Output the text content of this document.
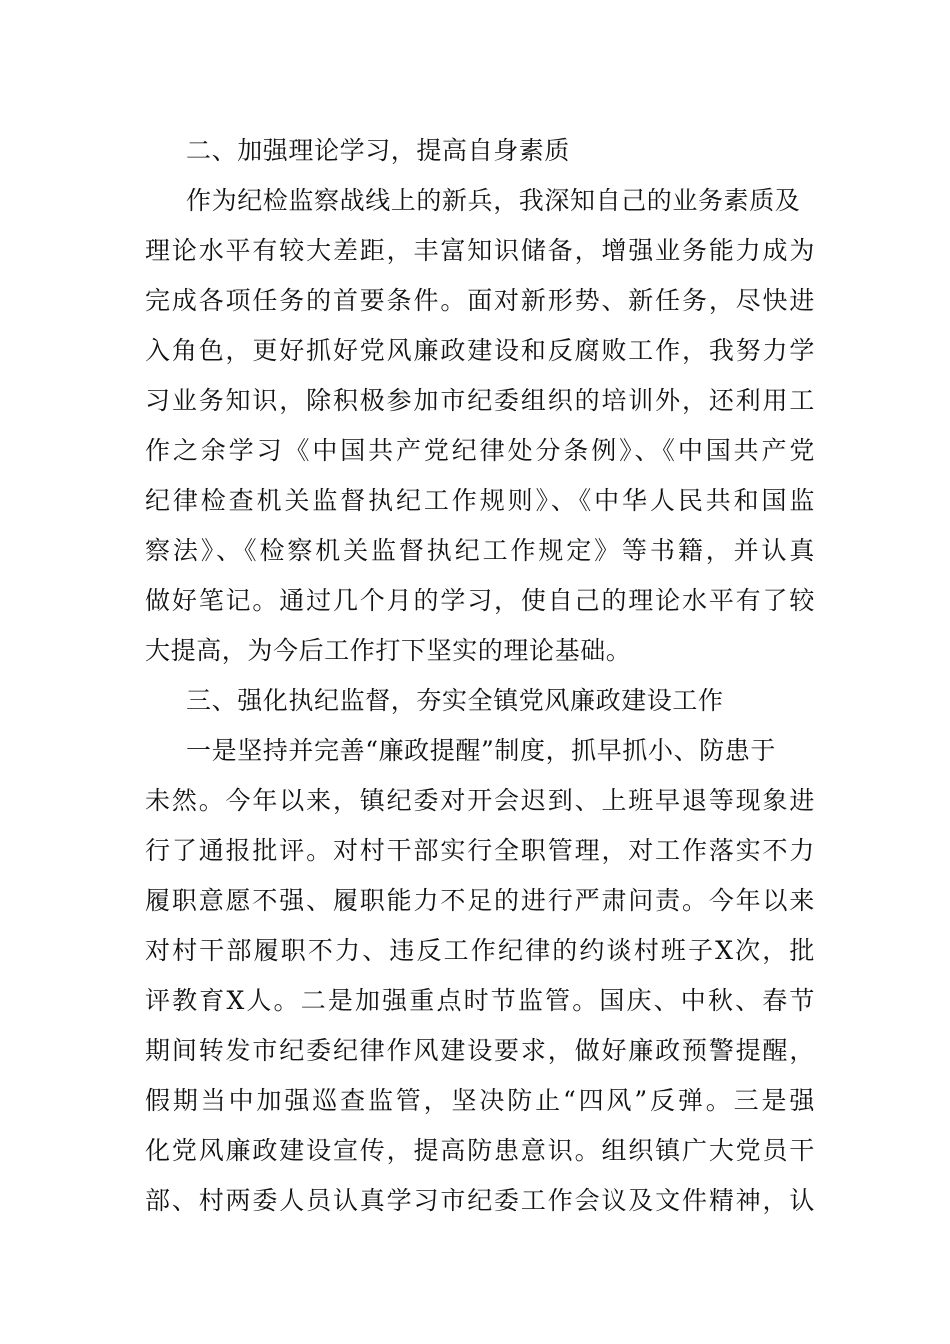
二、加强理论学习，提高自身素质
作为纪检监察战线上的新兵，我深知自己的业务素质及
理论水平有较大差距，丰富知识储备，增强业务能力成为
完成各项任务的首要条件。面对新形势、新任务，尽快进
入角色，更好抓好党风廉政建设和反腐败工作，我努力学
习业务知识，除积极参加市纪委组织的培训外，还利用工
作之余学习《中国共产党纪律处分条例》、《中国共产党
纪律检查机关监督执纪工作规则》、《中华人民共和国监
察法》、《检察机关监督执纪工作规定》等书籍，并认真
做好笔记。通过几个月的学习，使自己的理论水平有了较
大提高，为今后工作打下坚实的理论基础。
三、强化执纪监督，夯实全镇党风廉政建设工作
一是坚持并完善“廉政提醒”制度，抓早抓小、防患于
未然。今年以来，镇纪委对开会迟到、上班早退等现象进
行了通报批评。对村干部实行全职管理，对工作落实不力
履职意愿不强、履职能力不足的进行严肃问责。今年以来
对村干部履职不力、违反工作纪律的约谈村班子X次，批
评教育X人。二是加强重点时节监管。国庆、中秋、春节
期间转发市纪委纪律作风建设要求，做好廉政预警提醒，
假期当中加强巡查监管，坚决防止“四风”反弹。三是强
化党风廉政建设宣传，提高防患意识。组织镇广大党员干
部、村两委人员认真学习市纪委工作会议及文件精神，认
